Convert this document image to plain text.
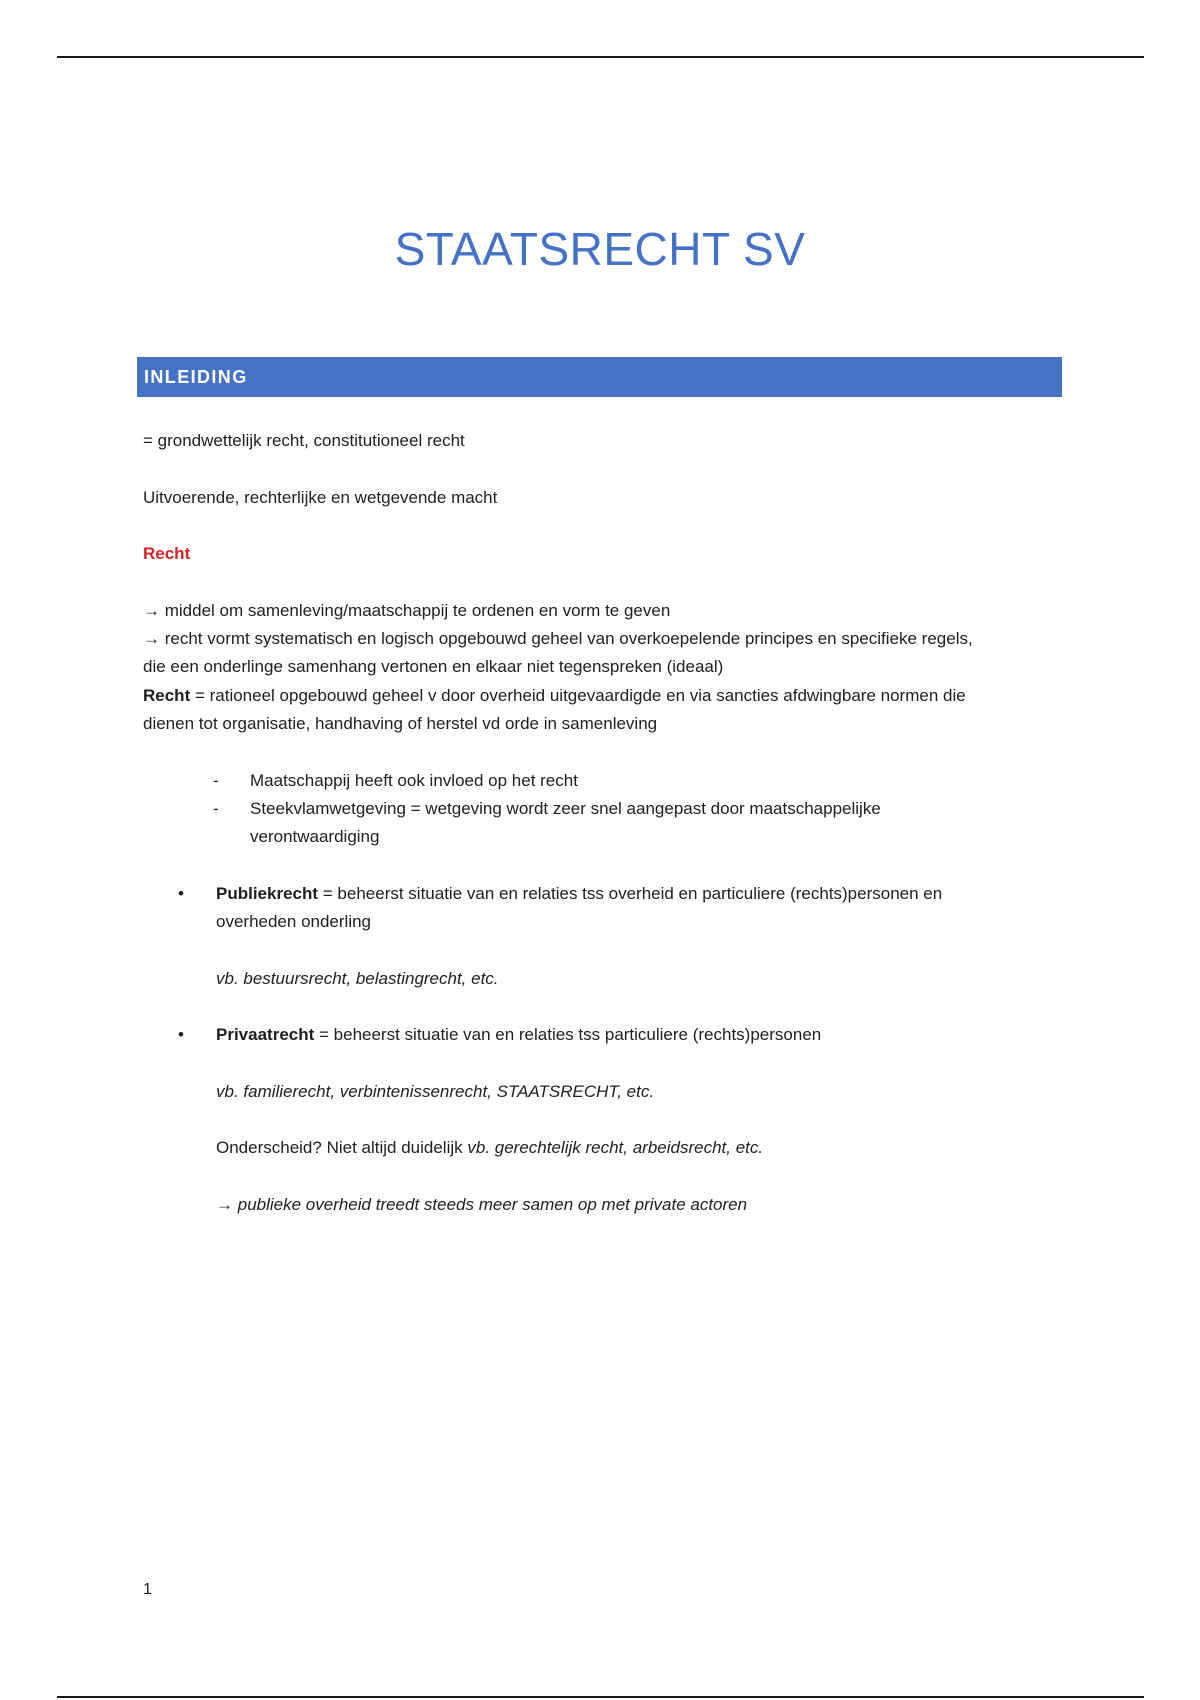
STAATSRECHT SV
INLEIDING

= grondwettelijk recht, constitutioneel recht

Uitvoerende, rechterlijke en wetgevende macht

Recht

→ middel om samenleving/maatschappij te ordenen en vorm te geven

→ recht vormt systematisch en logisch opgebouwd geheel van overkoepelende principes en specifieke regels,

die een onderlinge samenhang vertonen en elkaar niet tegenspreken (ideaal)

Recht = rationeel opgebouwd geheel v door overheid uitgevaardigde en via sancties afdwingbare normen die

dienen tot organisatie, handhaving of herstel vd orde in samenleving

- Maatschappij heeft ook invloed op het recht

- Steekvlamwetgeving = wetgeving wordt zeer snel aangepast door maatschappelijke

verontwaardiging

• Publiekrecht = beheerst situatie van en relaties tss overheid en particuliere (rechts)personen en

overheden onderling

vb. bestuursrecht, belastingrecht, etc.

• Privaatrecht = beheerst situatie van en relaties tss particuliere (rechts)personen

vb. familierecht, verbintenissenrecht, STAATSRECHT, etc.

Onderscheid? Niet altijd duidelijk vb. gerechtelijk recht, arbeidsrecht, etc.

→ publieke overheid treedt steeds meer samen op met private actoren

1
